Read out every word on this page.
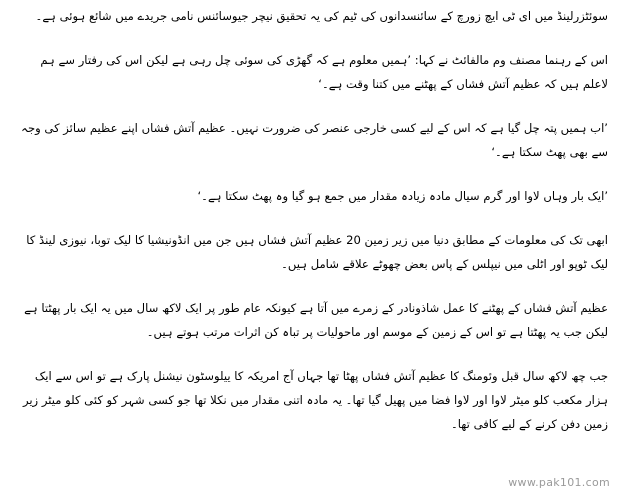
سوئٹزرلینڈ میں ای ٹی ایچ زورچ کے سائنسدانوں کی ٹیم کی یہ تحقیق نیچر جیوسائنس نامی جریدے میں شائع ہوئی ہے۔

اس کے رہنما مصنف وم مالفائٹ نے کہا: ’ہمیں معلوم ہے کہ گھڑی کی سوئی چل رہی ہے لیکن اس کی رفتار سے ہم لاعلم ہیں کہ عظیم آتش فشاں کے پھٹنے میں کتنا وقت ہے۔‘

’اب ہمیں پتہ چل گیا ہے کہ اس کے لیے کسی خارجی عنصر کی ضرورت نہیں۔ عظیم آتش فشاں اپنے عظیم سائز کی وجہ سے بھی پھٹ سکتا ہے۔‘

’ایک بار وہاں لاوا اور گرم سیال مادہ زیادہ مقدار میں جمع ہو گیا وہ پھٹ سکتا ہے۔‘

ابھی تک کی معلومات کے مطابق دنیا میں زیر زمین 20 عظیم آتش فشاں ہیں جن میں انڈونیشیا کا لیک توبا، نیوزی لینڈ کا لیک ٹوپو اور اٹلی میں نیپلس کے پاس بعض چھوٹے علاقے شامل ہیں۔

عظیم آتش فشاں کے پھٹنے کا عمل شاذونادر کے زمرے میں آتا ہے کیونکہ عام طور پر ایک لاکھ سال میں یہ ایک بار پھٹتا ہے لیکن جب یہ پھٹتا ہے تو اس کے زمین کے موسم اور ماحولیات پر تباہ کن اثرات مرتب ہوتے ہیں۔

جب چھ لاکھ سال قبل وئومنگ کا عظیم آتش فشاں پھٹا تھا جہاں آج امریکہ کا ییلوسٹون نیشنل پارک ہے تو اس سے ایک ہزار مکعب کلو میٹر لاوا اور لاوا فضا میں پھیل گیا تھا۔ یہ مادہ اتنی مقدار میں نکلا تھا جو کسی شہر کو کئی کلو میٹر زیر زمین دفن کرنے کے لیے کافی تھا۔

www.pak101.com
